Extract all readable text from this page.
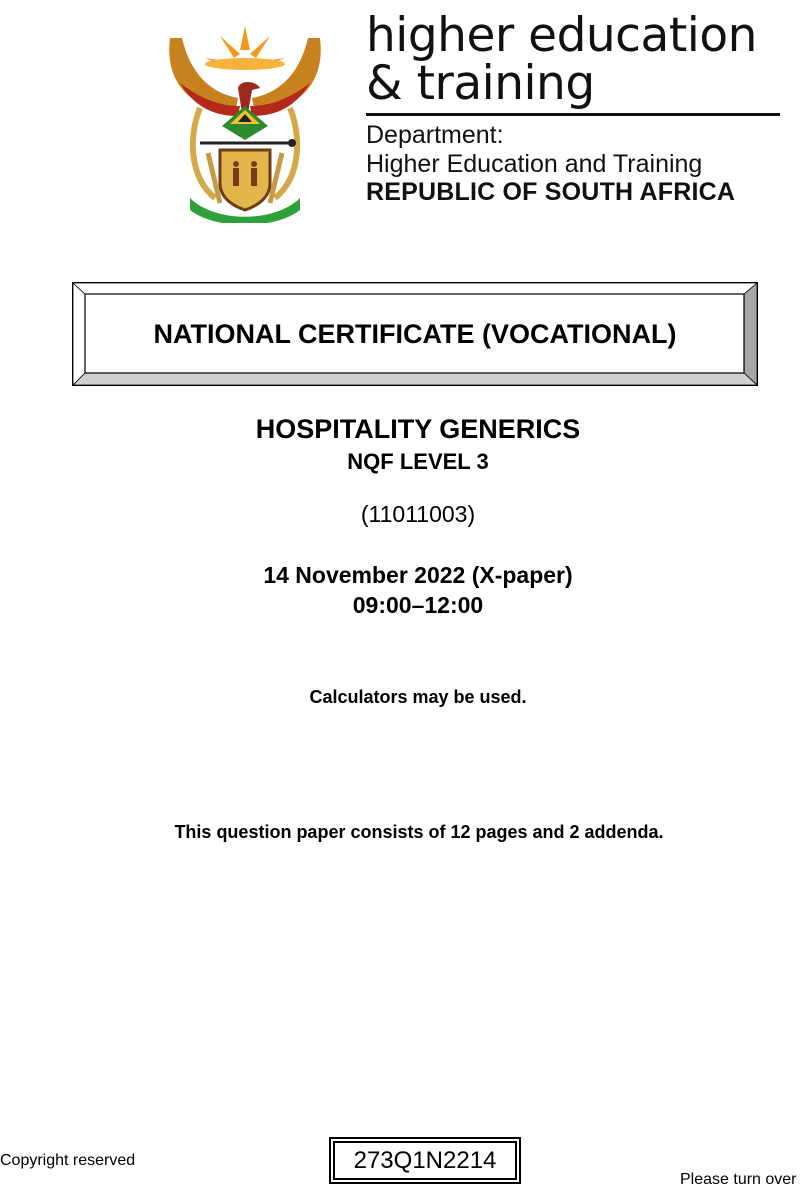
higher education
& training
Department:
Higher Education and Training
REPUBLIC OF SOUTH AFRICA
NATIONAL CERTIFICATE (VOCATIONAL)
HOSPITALITY GENERICS
NQF LEVEL 3
(11011003)
14 November 2022 (X-paper)
09:00–12:00
Calculators may be used.
This question paper consists of 12 pages and 2 addenda.
Copyright reserved	273Q1N2214
Please turn over
